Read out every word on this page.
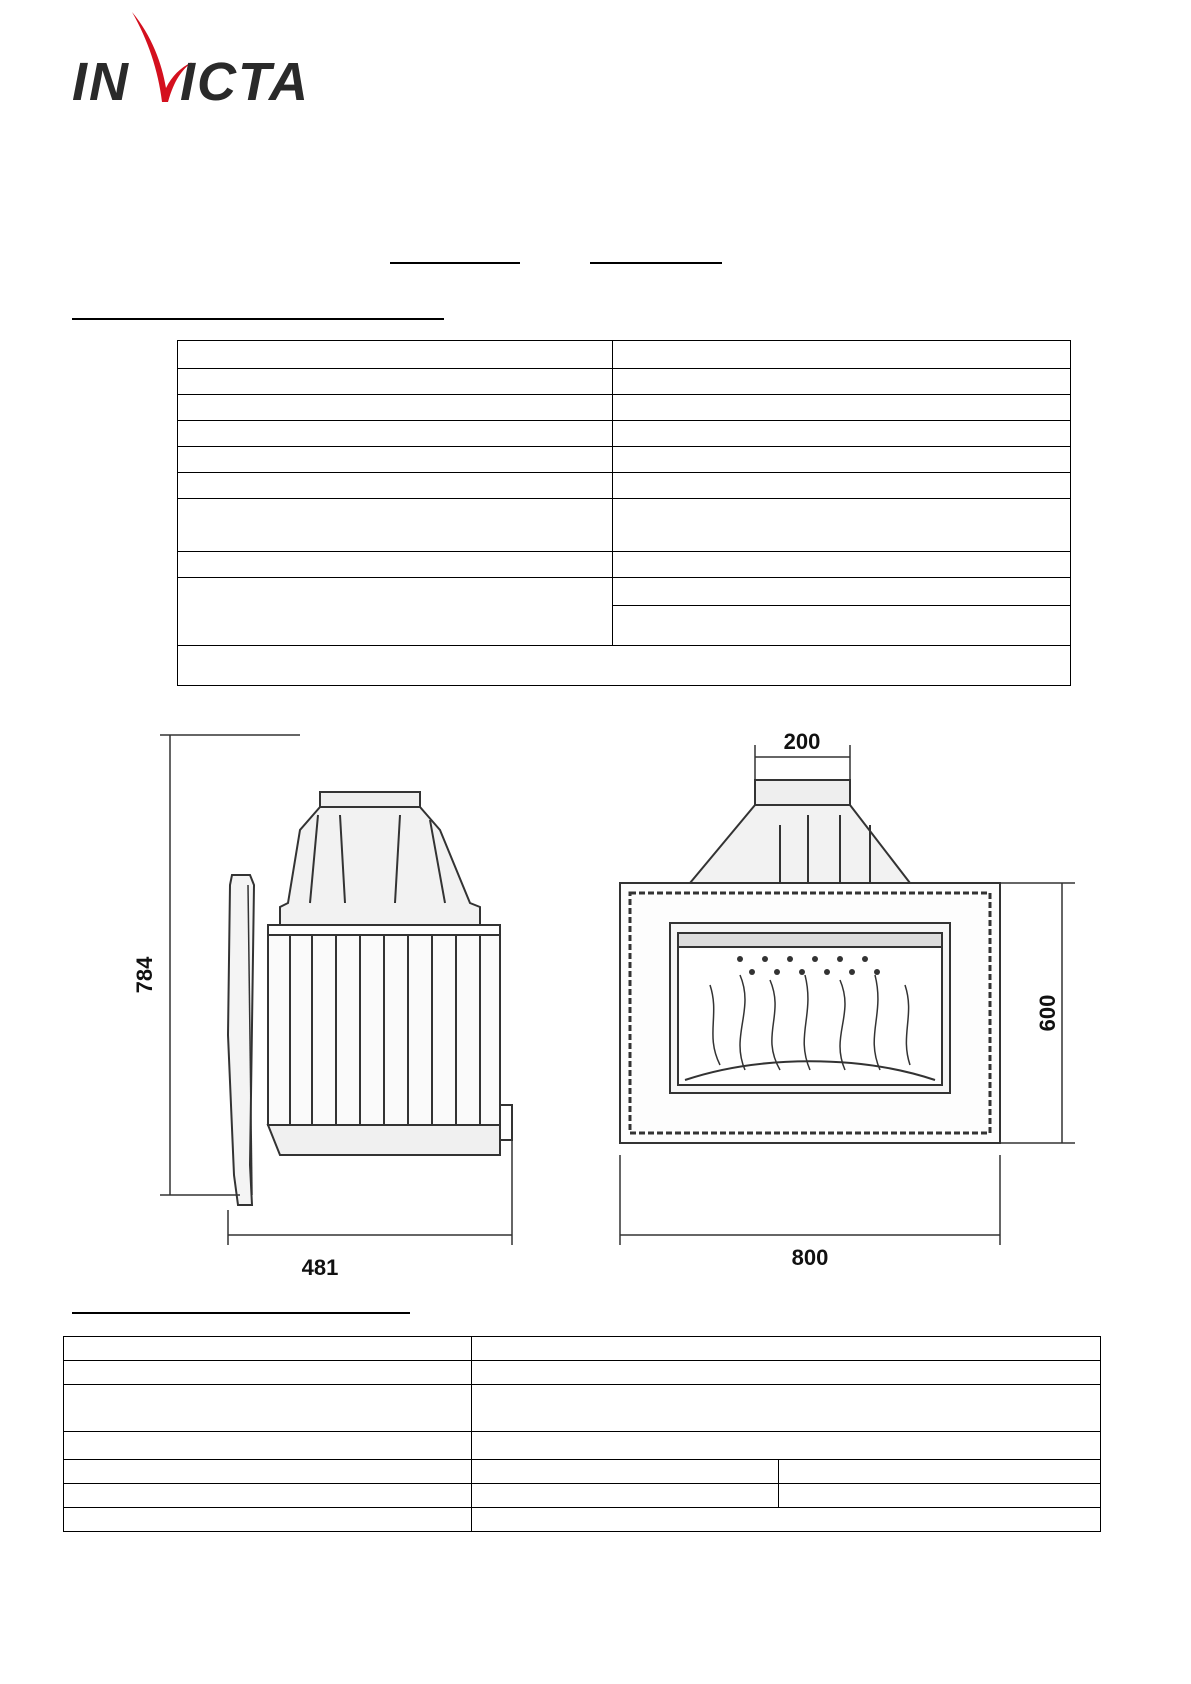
IN ICTA

784
481
200
600
800
